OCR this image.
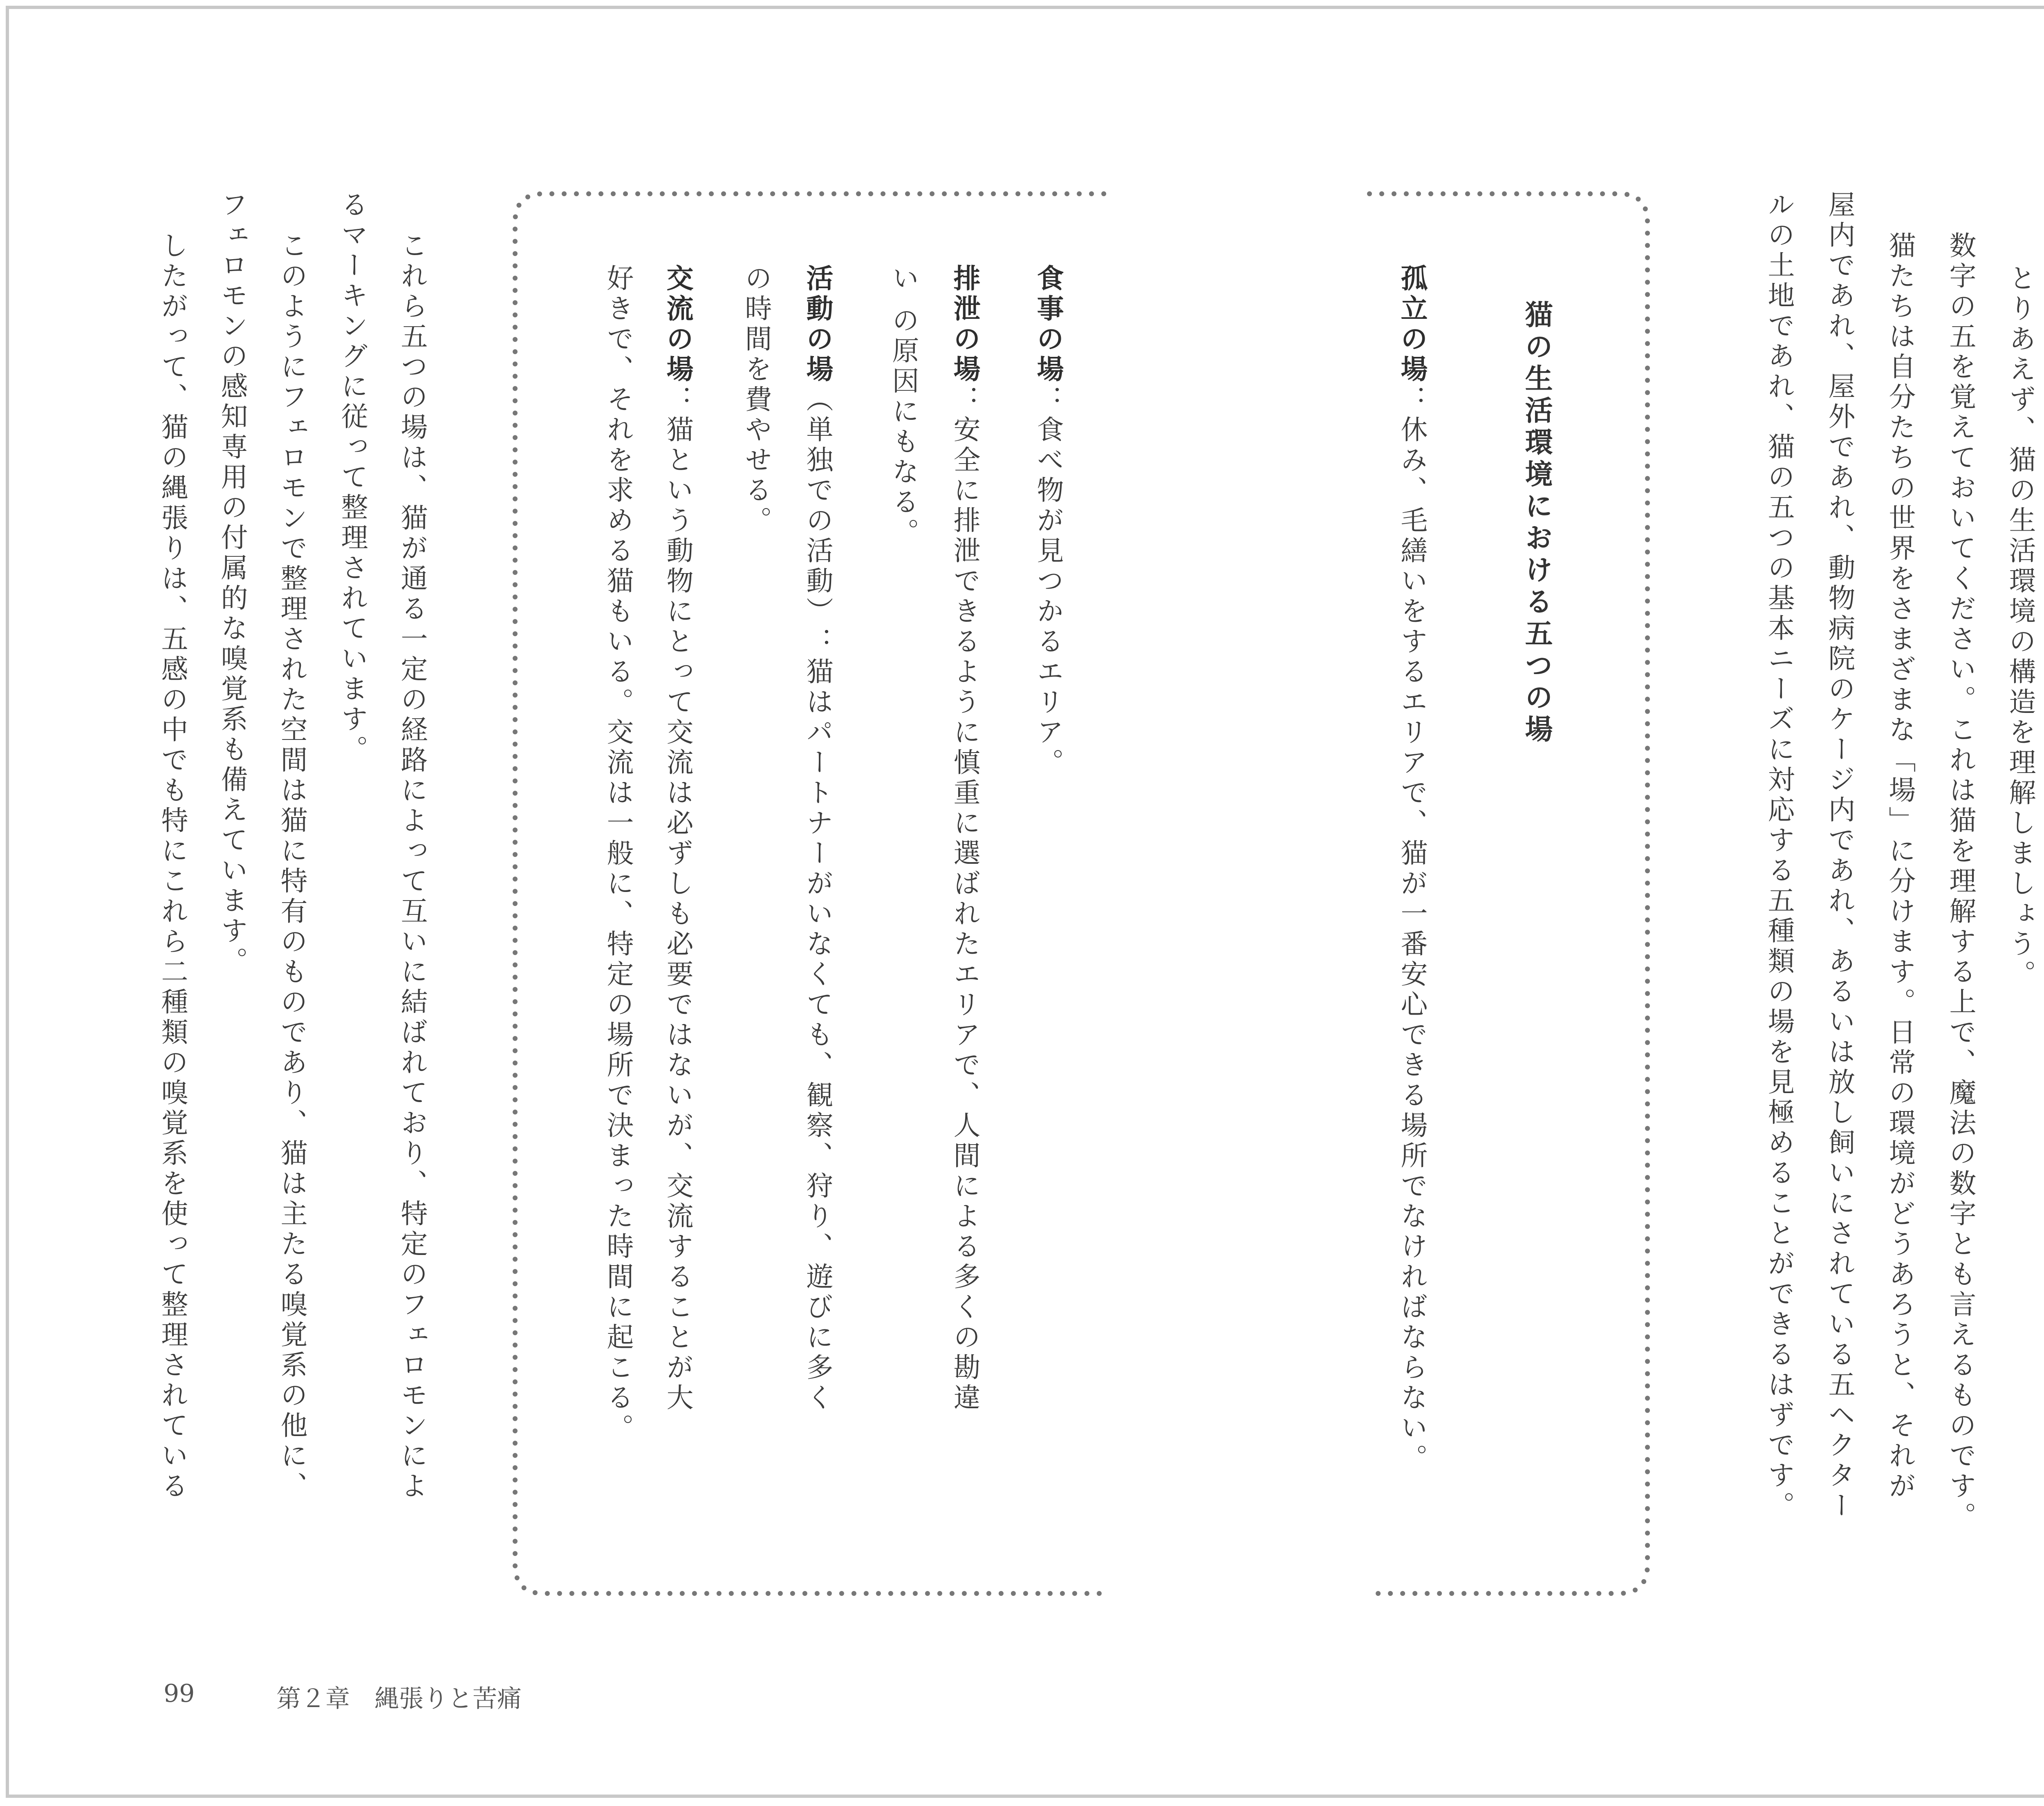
とりあえず、猫の生活環境の構造を理解しましょう。
数字の五を覚えておいてください。これは猫を理解する上で、魔法の数字とも言えるものです。
猫たちは自分たちの世界をさまざまな「場」に分けます。日常の環境がどうあろうと、それが
屋内であれ、屋外であれ、動物病院のケージ内であれ、あるいは放し飼いにされている五ヘクター
ルの土地であれ、猫の五つの基本ニーズに対応する五種類の場を見極めることができるはずです。
猫の生活環境における五つの場
孤立の場：休み、毛繕いをするエリアで、猫が一番安心できる場所でなければならない。
食事の場：食べ物が見つかるエリア。
排泄の場：安全に排泄できるように慎重に選ばれたエリアで、人間による多くの勘違
い の原因にもなる。
活動の場（単独での活動）：猫はパートナーがいなくても、観察、狩り、遊びに多く
の時間を費やせる。
交流の場：猫という動物にとって交流は必ずしも必要ではないが、交流することが大
好きで、それを求める猫もいる。交流は一般に、特定の場所で決まった時間に起こる。
これら五つの場は、猫が通る一定の経路によって互いに結ばれており、特定のフェロモンによ
るマーキングに従って整理されています。
このようにフェロモンで整理された空間は猫に特有のものであり、猫は主たる嗅覚系の他に、
フェロモンの感知専用の付属的な嗅覚系も備えています。
したがって、猫の縄張りは、五感の中でも特にこれら二種類の嗅覚系を使って整理されている
99	第２章　縄張りと苦痛
